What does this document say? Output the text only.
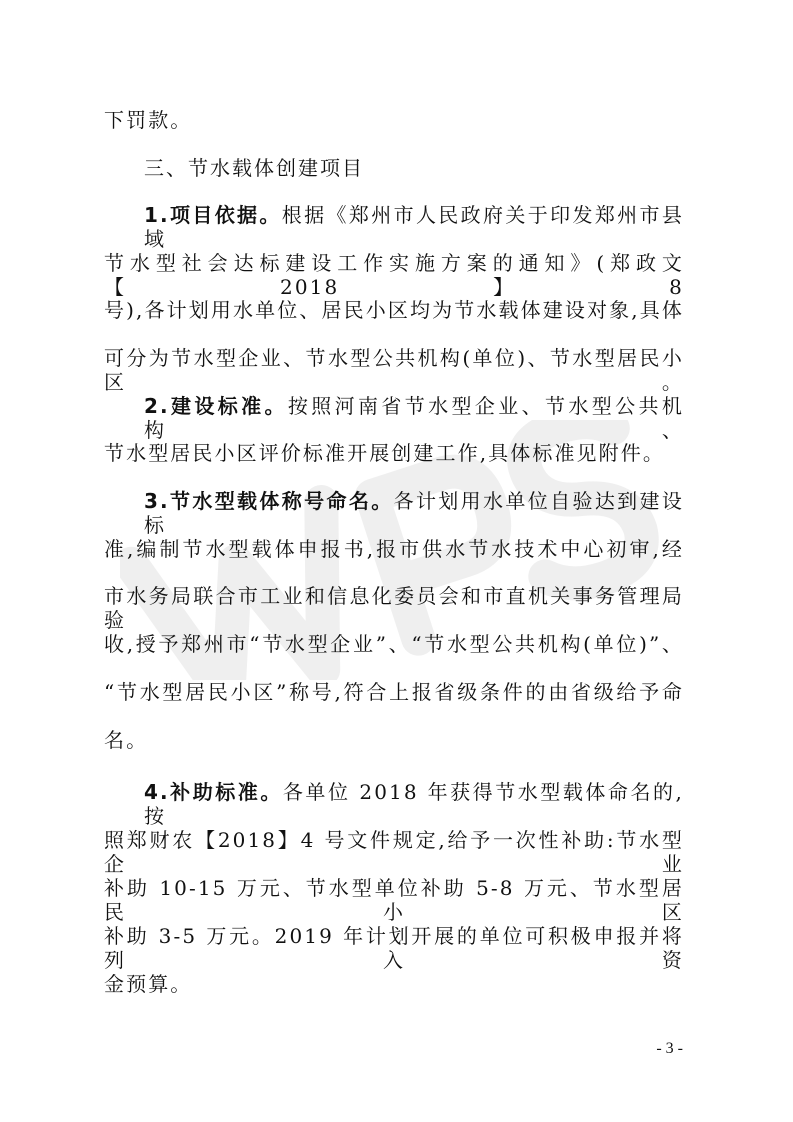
下罚款。
三、节水载体创建项目
1.项目依据。根据《郑州市人民政府关于印发郑州市县域
节水型社会达标建设工作实施方案的通知》(郑政文【2018】8
号),各计划用水单位、居民小区均为节水载体建设对象,具体
可分为节水型企业、节水型公共机构(单位)、节水型居民小区。
2.建设标准。按照河南省节水型企业、节水型公共机构、
节水型居民小区评价标准开展创建工作,具体标准见附件。
3.节水型载体称号命名。各计划用水单位自验达到建设标
准,编制节水型载体申报书,报市供水节水技术中心初审,经
市水务局联合市工业和信息化委员会和市直机关事务管理局验
收,授予郑州市“节水型企业”、“节水型公共机构(单位)”、
“节水型居民小区”称号,符合上报省级条件的由省级给予命
名。
4.补助标准。各单位 2018 年获得节水型载体命名的,按
照郑财农【2018】4 号文件规定,给予一次性补助:节水型企业
补助 10-15 万元、节水型单位补助 5-8 万元、节水型居民小区
补助 3-5 万元。2019 年计划开展的单位可积极申报并将列入资
金预算。
- 3 -
